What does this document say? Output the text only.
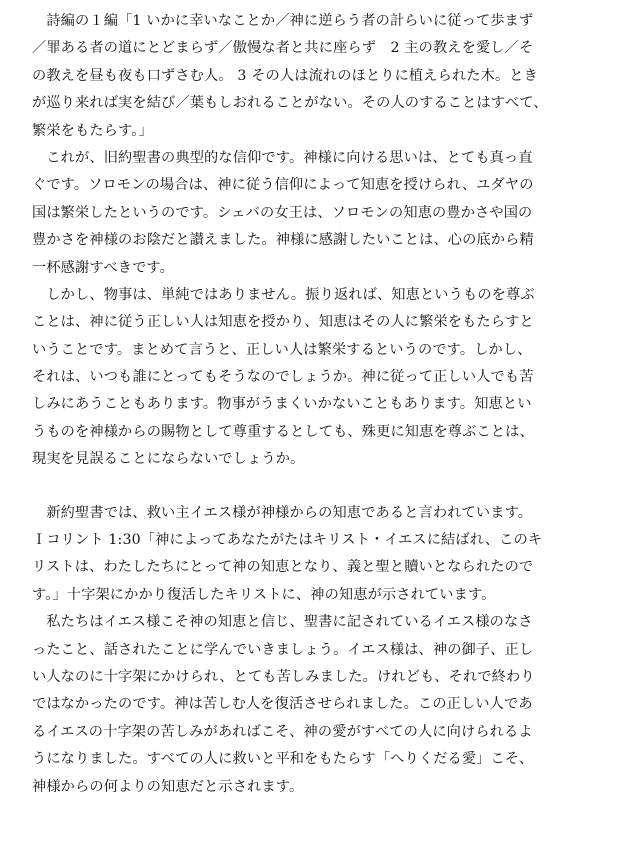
　詩編の１編「1 いかに幸いなことか／神に逆らう者の計らいに従って歩まず
／罪ある者の道にとどまらず／傲慢な者と共に座らず　2 主の教えを愛し／そ
の教えを昼も夜も口ずさむ人。 3 その人は流れのほとりに植えられた木。とき
が巡り来れば実を結び／葉もしおれることがない。その人のすることはすべて、
繁栄をもたらす。」
　これが、旧約聖書の典型的な信仰です。神様に向ける思いは、とても真っ直
ぐです。ソロモンの場合は、神に従う信仰によって知恵を授けられ、ユダヤの
国は繁栄したというのです。シェバの女王は、ソロモンの知恵の豊かさや国の
豊かさを神様のお陰だと讃えました。神様に感謝したいことは、心の底から精
一杯感謝すべきです。
　しかし、物事は、単純ではありません。振り返れば、知恵というものを尊ぶ
ことは、神に従う正しい人は知恵を授かり、知恵はその人に繁栄をもたらすと
いうことです。まとめて言うと、正しい人は繁栄するというのです。しかし、
それは、いつも誰にとってもそうなのでしょうか。神に従って正しい人でも苦
しみにあうこともあります。物事がうまくいかないこともあります。知恵とい
うものを神様からの賜物として尊重するとしても、殊更に知恵を尊ぶことは、
現実を見誤ることにならないでしょうか。
　新約聖書では、救い主イエス様が神様からの知恵であると言われています。
Ｉコリント 1:30「神によってあなたがたはキリスト・イエスに結ばれ、このキ
リストは、わたしたちにとって神の知恵となり、義と聖と贖いとなられたので
す。」十字架にかかり復活したキリストに、神の知恵が示されています。
　私たちはイエス様こそ神の知恵と信じ、聖書に記されているイエス様のなさ
ったこと、話されたことに学んでいきましょう。イエス様は、神の御子、正し
い人なのに十字架にかけられ、とても苦しみました。けれども、それで終わり
ではなかったのです。神は苦しむ人を復活させられました。この正しい人であ
るイエスの十字架の苦しみがあればこそ、神の愛がすべての人に向けられるよ
うになりました。すべての人に救いと平和をもたらす「へりくだる愛」こそ、
神様からの何よりの知恵だと示されます。
